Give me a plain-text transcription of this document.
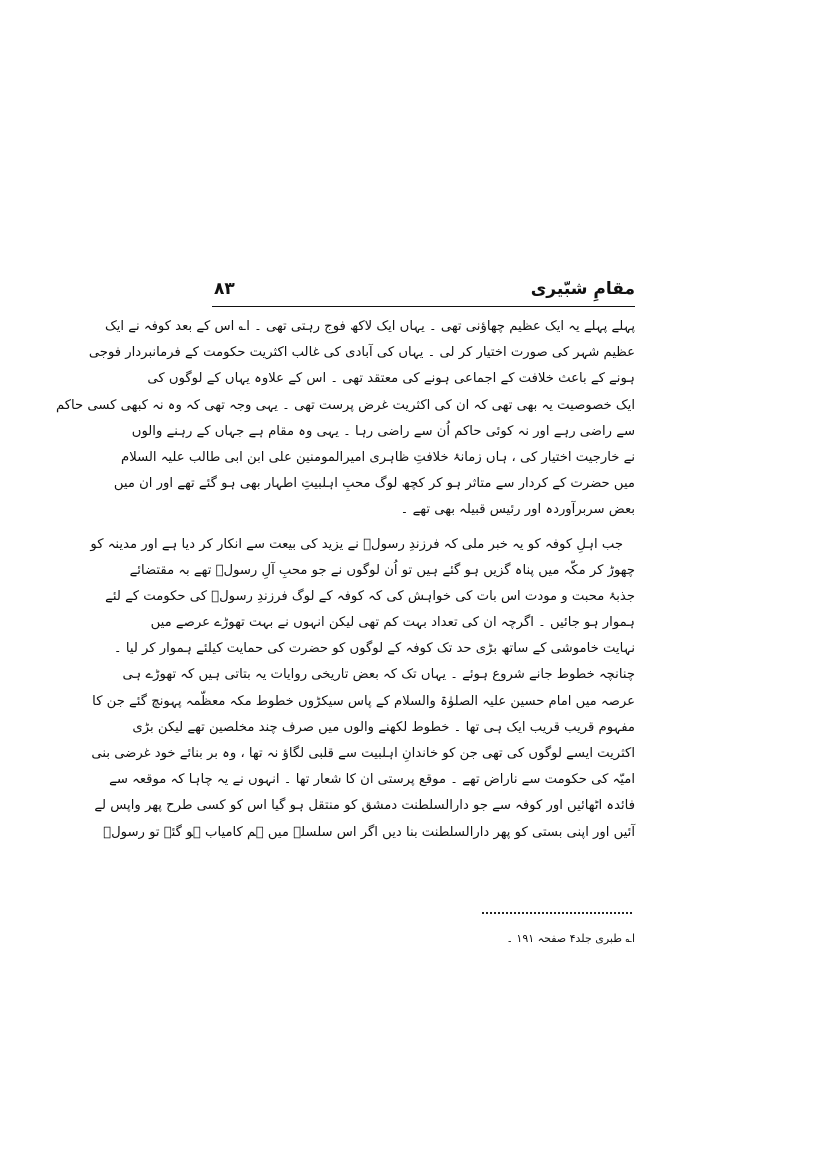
مقامِ شبّیری
۸۳
پہلے پہلے یہ ایک عظیم چھاؤنی تھی ۔ یہاں ایک لاکھ فوج رہتی تھی ۔ ا؎ اس کے بعد کوفہ نے ایک
عظیم شہر کی صورت اختیار کر لی ۔ یہاں کی آبادی کی غالب اکثریت حکومت کے فرمانبردار فوجی
ہونے کے باعث خلافت کے اجماعی ہونے کی معتقد تھی ۔ اس کے علاوہ یہاں کے لوگوں کی
ایک خصوصیت یہ بھی تھی کہ ان کی اکثریت غرض پرست تھی ۔ یہی وجہ تھی کہ وہ نہ کبھی کسی حاکم
سے راضی رہے اور نہ کوئی حاکم اُن سے راضی رہا ۔ یہی وہ مقام ہے جہاں کے رہنے والوں
نے خارجیت اختیار کی ، ہاں زمانۂ خلافتِ ظاہری امیرالمومنین علی ابن ابی طالب علیہ السلام
میں حضرت کے کردار سے متاثر ہو کر کچھ لوگ محبِ اہلبیتِ اطہار بھی ہو گئے تھے اور ان میں
بعض سربرآوردہ اور رئیس قبیلہ بھی تھے ۔
جب اہلِ کوفہ کو یہ خبر ملی کہ فرزندِ رسولؐ نے یزید کی بیعت سے انکار کر دیا ہے اور مدینہ کو
چھوڑ کر مکّہ میں پناہ گزیں ہو گئے ہیں تو اُن لوگوں نے جو محبِ آلِ رسولؐ تھے بہ مقتضائے
جذبۂ محبت و مودت اس بات کی خواہش کی کہ کوفہ کے لوگ فرزندِ رسولؐ کی حکومت کے لئے
ہموار ہو جائیں ۔ اگرچہ ان کی تعداد بہت کم تھی لیکن انہوں نے بہت تھوڑے عرصے میں
نہایت خاموشی کے ساتھ بڑی حد تک کوفہ کے لوگوں کو حضرت کی حمایت کیلئے ہموار کر لیا ۔
چنانچہ خطوط جانے شروع ہوئے ۔ یہاں تک کہ بعض تاریخی روایات یہ بتاتی ہیں کہ تھوڑے ہی
عرصہ میں امام حسین علیہ الصلوٰۃ والسلام کے پاس سیکڑوں خطوط مکہ معظّمہ پہونچ گئے جن کا
مفہوم قریب قریب ایک ہی تھا ۔ خطوط لکھنے والوں میں صرف چند مخلصین تھے لیکن بڑی
اکثریت ایسے لوگوں کی تھی جن کو خاندانِ اہلبیت سے قلبی لگاؤ نہ تھا ، وہ بر بنائے خود غرضی بنی
امیّہ کی حکومت سے ناراض تھے ۔ موقع پرستی ان کا شعار تھا ۔ انہوں نے یہ چاہا کہ موقعہ سے
فائدہ اٹھائیں اور کوفہ سے جو دارالسلطنت دمشق کو منتقل ہو گیا اس کو کسی طرح پھر واپس لے
آئیں اور اپنی بستی کو پھر دارالسلطنت بنا دیں اگر اس سلسلہ میں ہم کامیاب ہو گئے تو رسولؐ
ا؎ طبری جلد۴ صفحہ ۱۹۱ ۔
